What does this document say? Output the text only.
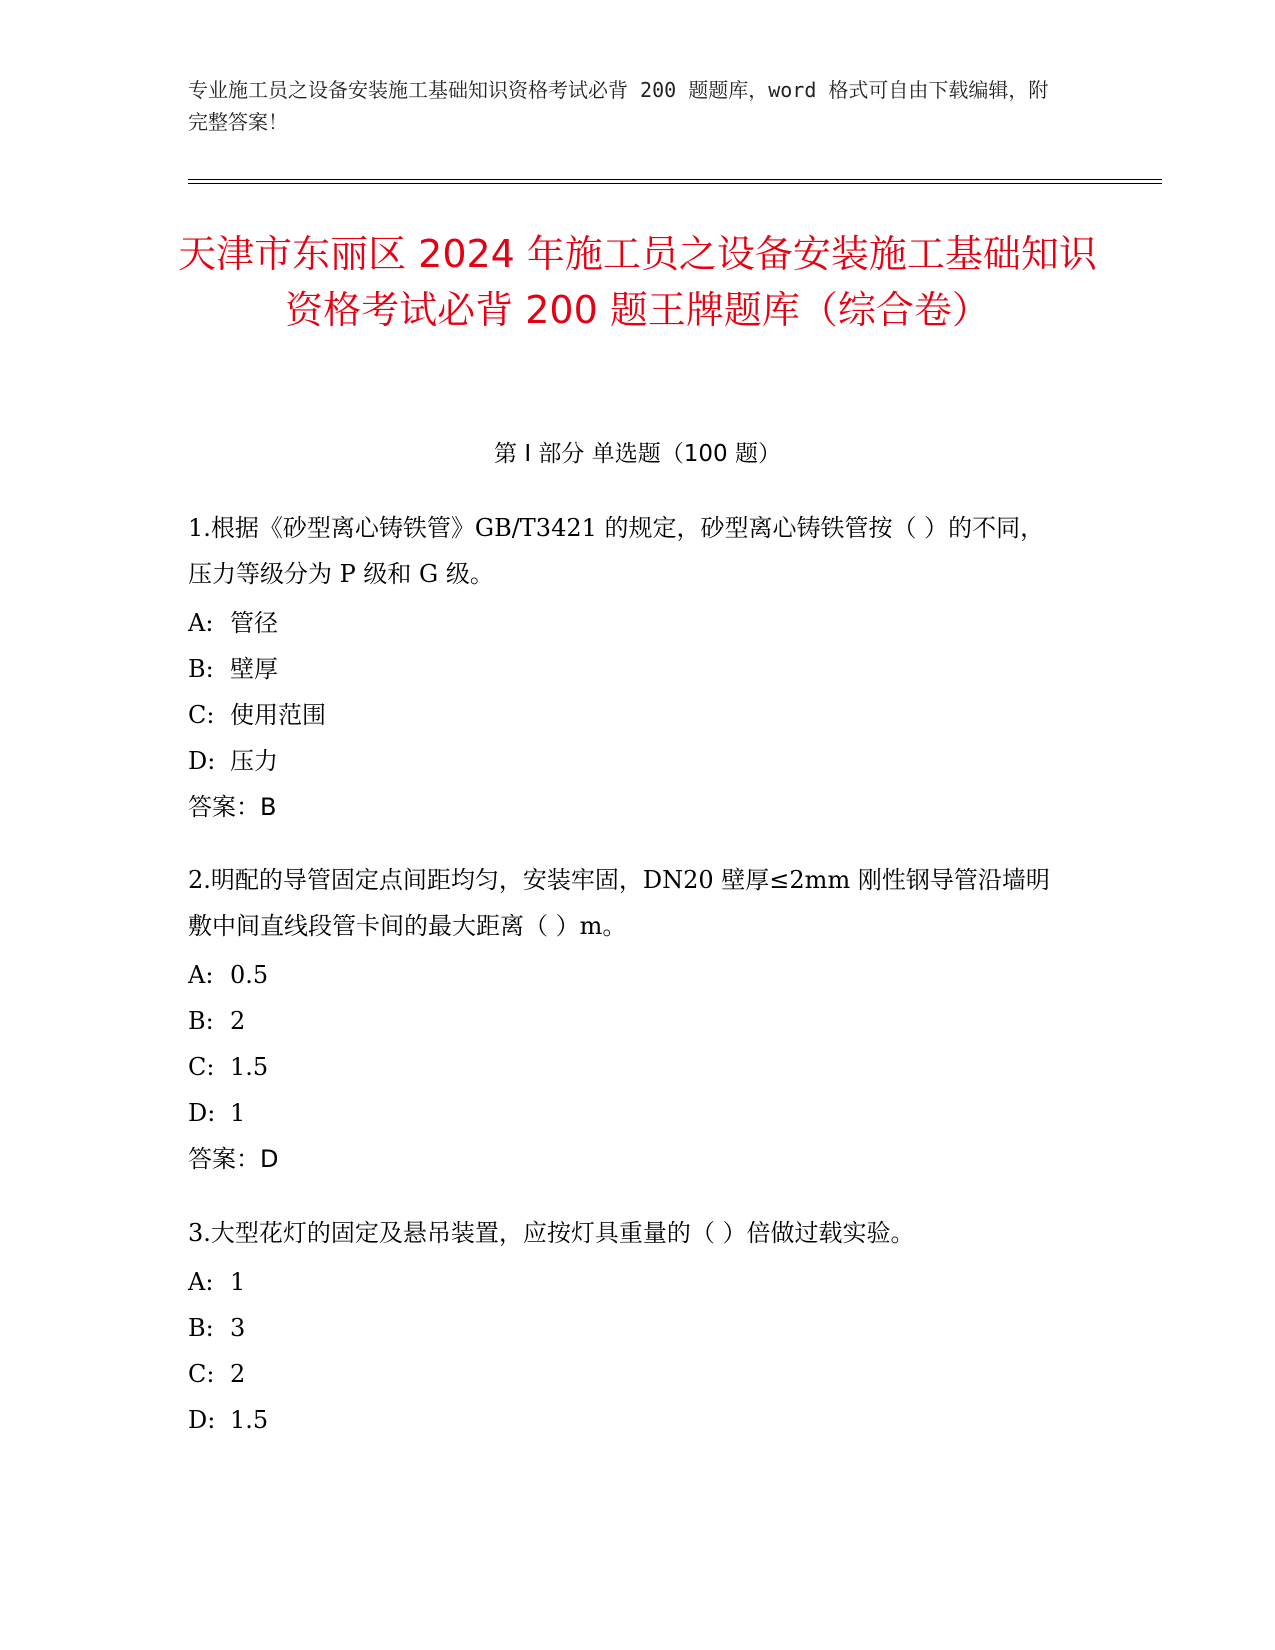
专业施工员之设备安装施工基础知识资格考试必背 200 题题库，word 格式可自由下载编辑，附完整答案！
天津市东丽区 2024 年施工员之设备安装施工基础知识资格考试必背 200 题王牌题库（综合卷）
第 I 部分 单选题（100 题）
1.根据《砂型离心铸铁管》GB/T3421 的规定，砂型离心铸铁管按（ ）的不同，压力等级分为 P 级和 G 级。
A: 管径
B: 壁厚
C: 使用范围
D: 压力
答案：B
2.明配的导管固定点间距均匀，安装牢固，DN20 壁厚≤2mm 刚性钢导管沿墙明敷中间直线段管卡间的最大距离（ ）m。
A: 0.5
B: 2
C: 1.5
D: 1
答案：D
3.大型花灯的固定及悬吊装置，应按灯具重量的（ ）倍做过载实验。
A: 1
B: 3
C: 2
D: 1.5
